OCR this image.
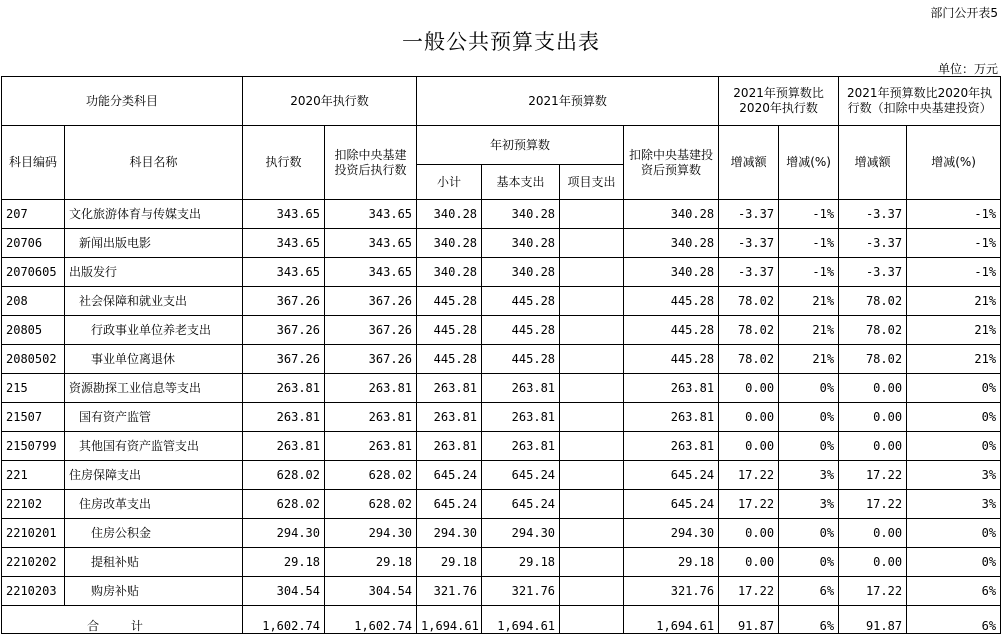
部门公开表5
一般公共预算支出表
单位：万元
功能分类科目		2020年执行数		2021年预算数				2021年预算数比2020年执行数		2021年预算数比2020年执行数（扣除中央基建投资）	
科目编码	科目名称	执行数	扣除中央基建投资后执行数	年初预算数			扣除中央基建投资后预算数	增减额	增减(%)	增减额	增减(%)
				小计	基本支出	项目支出					
207	文化旅游体育与传媒支出	343.65	343.65	340.28	340.28		340.28	-3.37	-1%	-3.37	-1%
20706	新闻出版电影	343.65	343.65	340.28	340.28		340.28	-3.37	-1%	-3.37	-1%
2070605	出版发行	343.65	343.65	340.28	340.28		340.28	-3.37	-1%	-3.37	-1%
208	社会保障和就业支出	367.26	367.26	445.28	445.28		445.28	78.02	21%	78.02	21%
20805	行政事业单位养老支出	367.26	367.26	445.28	445.28		445.28	78.02	21%	78.02	21%
2080502	事业单位离退休	367.26	367.26	445.28	445.28		445.28	78.02	21%	78.02	21%
215	资源勘探工业信息等支出	263.81	263.81	263.81	263.81		263.81	0.00	0%	0.00	0%
21507	国有资产监管	263.81	263.81	263.81	263.81		263.81	0.00	0%	0.00	0%
2150799	其他国有资产监管支出	263.81	263.81	263.81	263.81		263.81	0.00	0%	0.00	0%
221	住房保障支出	628.02	628.02	645.24	645.24		645.24	17.22	3%	17.22	3%
22102	住房改革支出	628.02	628.02	645.24	645.24		645.24	17.22	3%	17.22	3%
2210201	住房公积金	294.30	294.30	294.30	294.30		294.30	0.00	0%	0.00	0%
2210202	提租补贴	29.18	29.18	29.18	29.18		29.18	0.00	0%	0.00	0%
2210203	购房补贴	304.54	304.54	321.76	321.76		321.76	17.22	6%	17.22	6%
合 计		1,602.74	1,602.74	1,694.61	1,694.61		1,694.61	91.87	6%	91.87	6%
